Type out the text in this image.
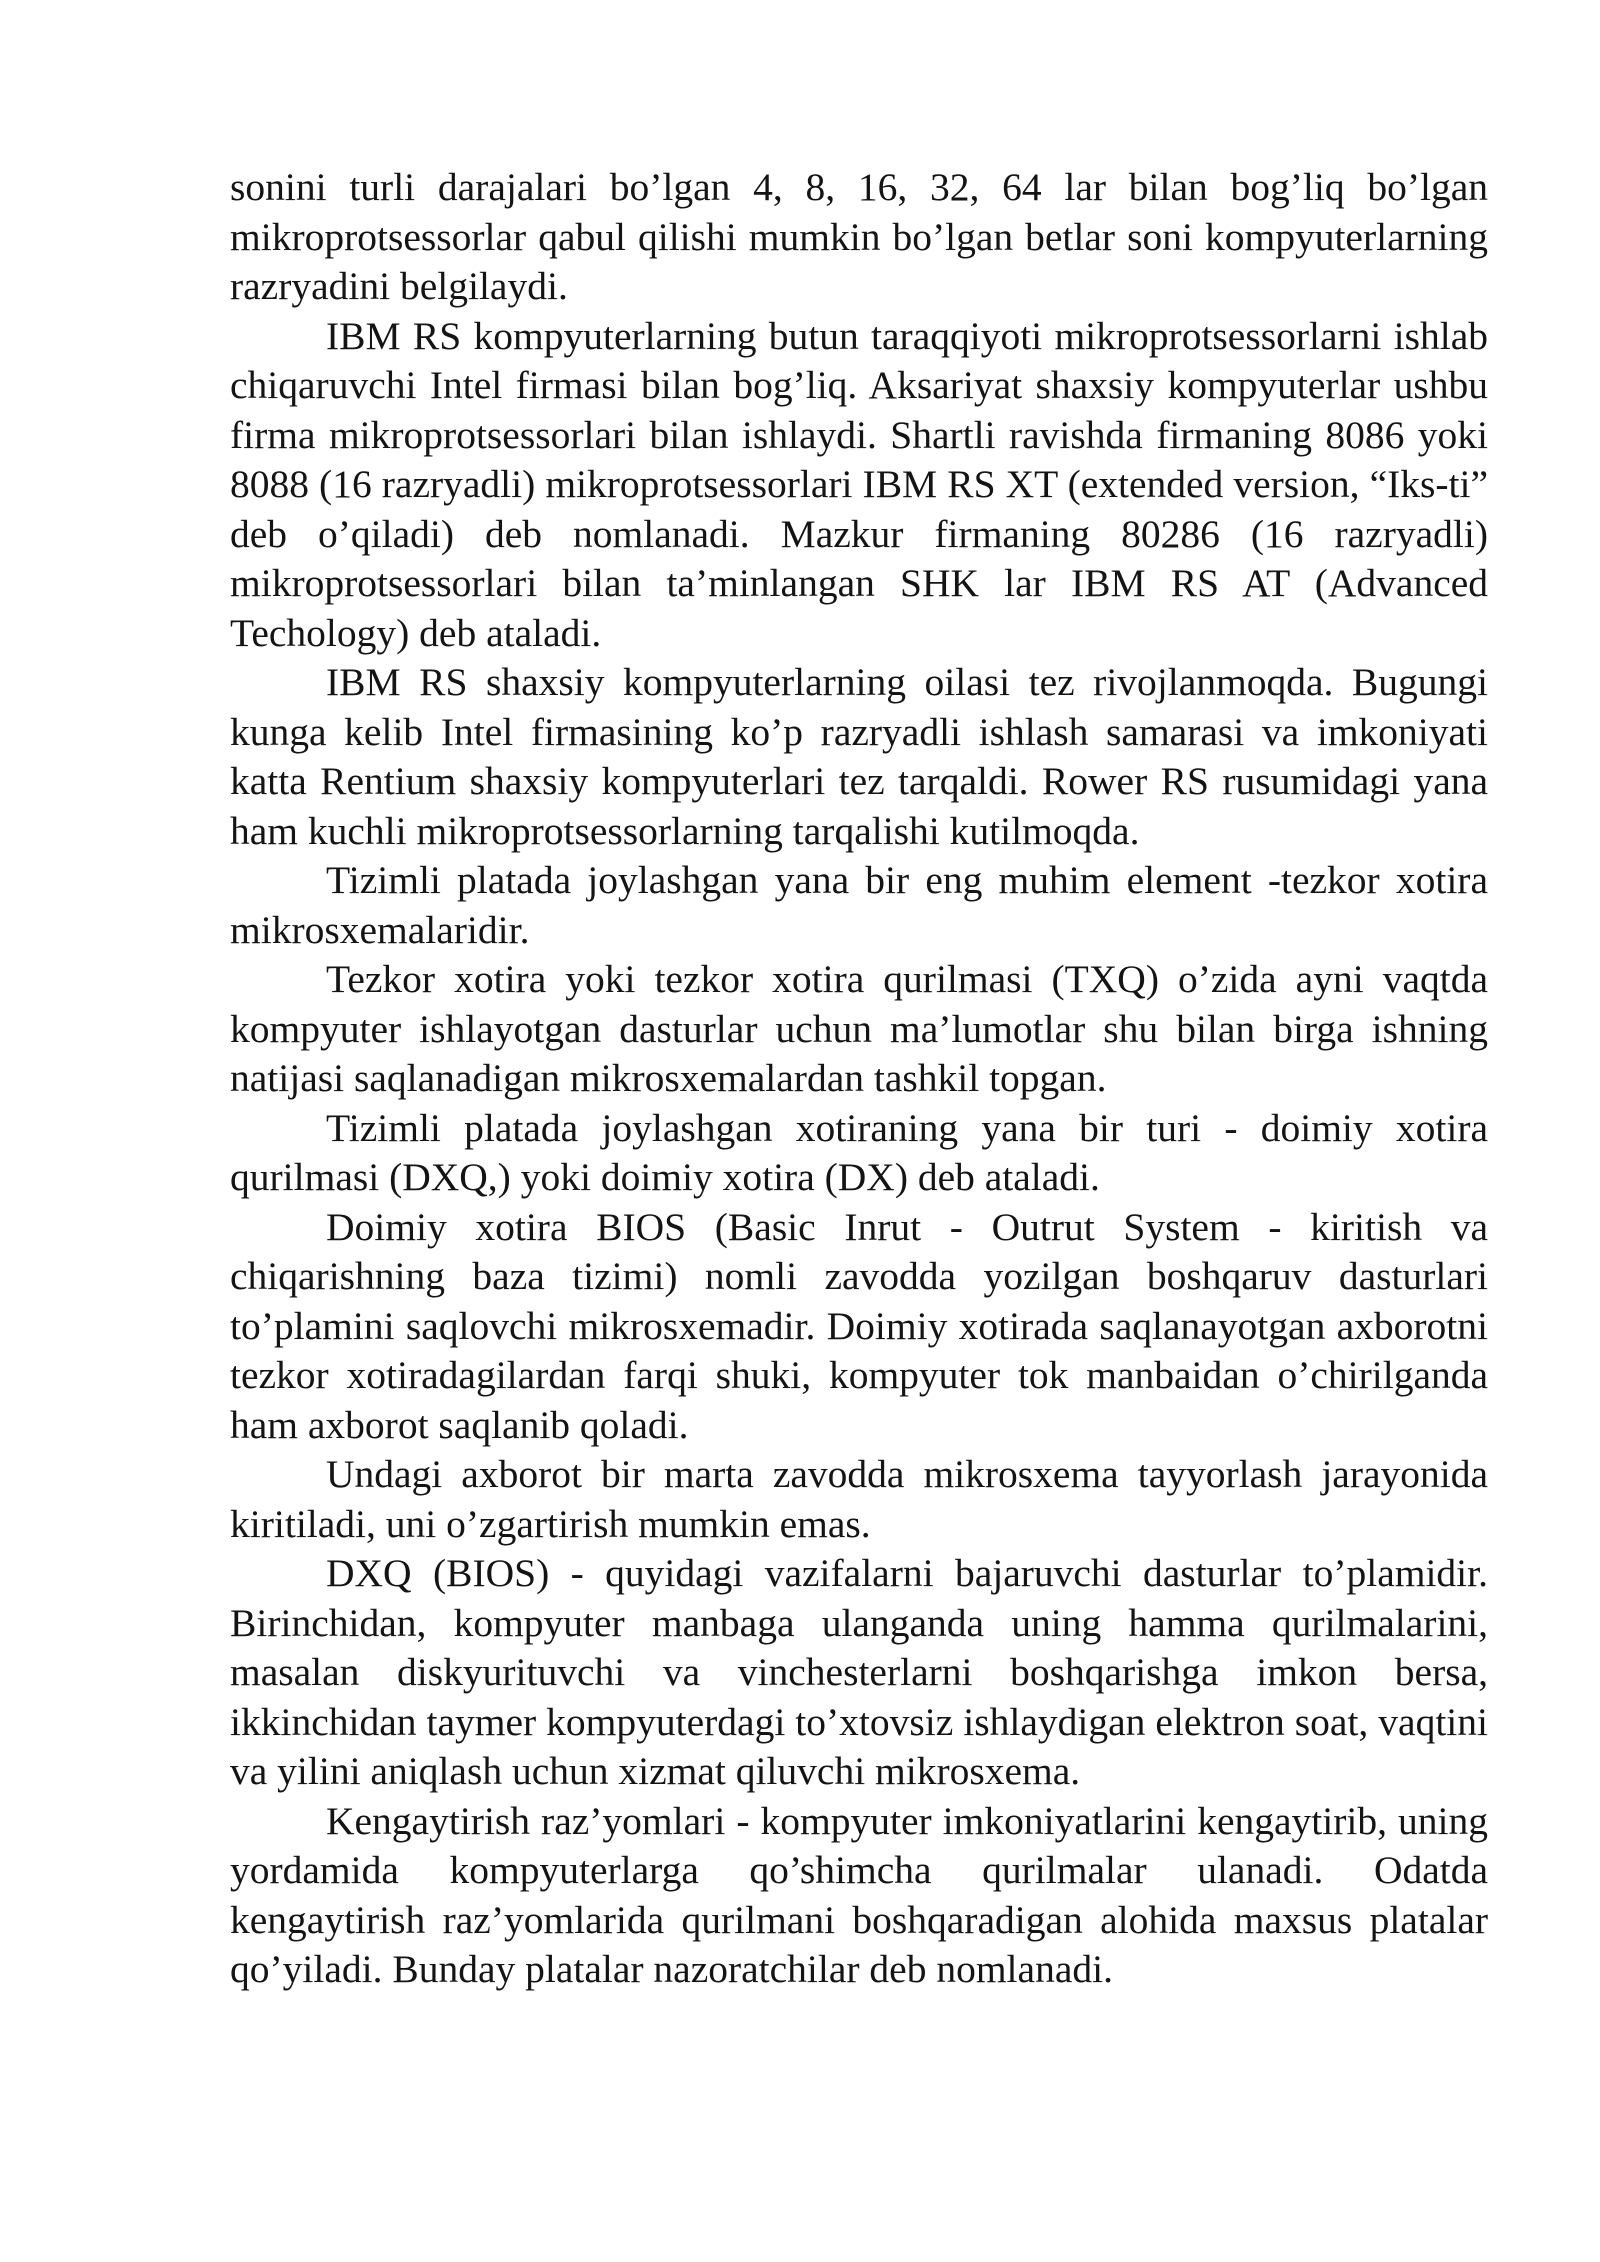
sonini turli darajalari bo’lgan 4, 8, 16, 32, 64 lar bilan bog’liq bo’lgan mikroprotsessorlar qabul qilishi mumkin bo’lgan betlar soni kompyuterlarning razryadini belgilaydi.

IBM RS kompyuterlarning butun taraqqiyoti mikroprotsessorlarni ishlab chiqaruvchi Intel firmasi bilan bog’liq. Aksariyat shaxsiy kompyuterlar ushbu firma mikroprotsessorlari bilan ishlaydi. Shartli ravishda firmaning 8086 yoki 8088 (16 razryadli) mikroprotsessorlari IBM RS XT (extended version, “Iks-ti” deb o’qiladi) deb nomlanadi. Mazkur firmaning 80286 (16 razryadli) mikroprotsessorlari bilan ta’minlangan SHK lar IBM RS AT (Advanced Techology) deb ataladi.

IBM RS shaxsiy kompyuterlarning oilasi tez rivojlanmoqda. Bugungi kunga kelib Intel firmasining ko’p razryadli ishlash samarasi va imkoniyati katta Rentium shaxsiy kompyuterlari tez tarqaldi. Rower RS rusumidagi yana ham kuchli mikroprotsessorlarning tarqalishi kutilmoqda.

Tizimli platada joylashgan yana bir eng muhim element -tezkor xotira mikrosxemalaridir.

Tezkor xotira yoki tezkor xotira qurilmasi (TXQ) o’zida ayni vaqtda kompyuter ishlayotgan dasturlar uchun ma’lumotlar shu bilan birga ishning natijasi saqlanadigan mikrosxemalardan tashkil topgan.

Tizimli platada joylashgan xotiraning yana bir turi - doimiy xotira qurilmasi (DXQ,) yoki doimiy xotira (DX) deb ataladi.

Doimiy xotira BIOS (Basic Inrut - Outrut System - kiritish va chiqarishning baza tizimi) nomli zavodda yozilgan boshqaruv dasturlari to’plamini saqlovchi mikrosxemadir. Doimiy xotirada saqlanayotgan axborotni tezkor xotiradagilardan farqi shuki, kompyuter tok manbaidan o’chirilganda ham axborot saqlanib qoladi.

Undagi axborot bir marta zavodda mikrosxema tayyorlash jarayonida kiritiladi, uni o’zgartirish mumkin emas.

DXQ (BIOS) - quyidagi vazifalarni bajaruvchi dasturlar to’plamidir. Birinchidan, kompyuter manbaga ulanganda uning hamma qurilmalarini, masalan diskyurituvchi va vinchesterlarni boshqarishga imkon bersa, ikkinchidan taymer kompyuterdagi to’xtovsiz ishlaydigan elektron soat, vaqtini va yilini aniqlash uchun xizmat qiluvchi mikrosxema.

Kengaytirish raz’yomlari - kompyuter imkoniyatlarini kengaytirib, uning yordamida kompyuterlarga qo’shimcha qurilmalar ulanadi. Odatda kengaytirish raz’yomlarida qurilmani boshqaradigan alohida maxsus platalar qo’yiladi. Bunday platalar nazoratchilar deb nomlanadi.
